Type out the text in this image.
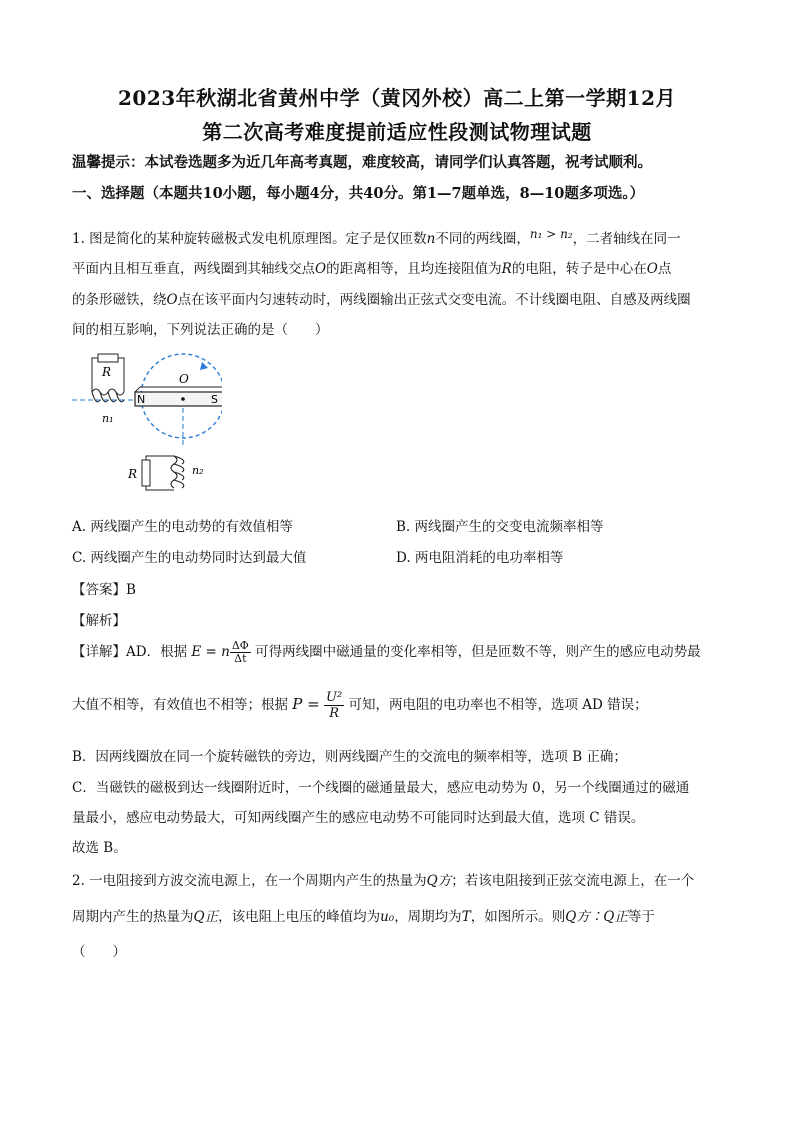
2023年秋湖北省黄州中学（黄冈外校）高二上第一学期12月
第二次高考难度提前适应性段测试物理试题
温馨提示：本试卷选题多为近几年高考真题，难度较高，请同学们认真答题，祝考试顺利。
一、选择题（本题共10小题，每小题4分，共40分。第1—7题单选，8—10题多项选。）
1. 图是简化的某种旋转磁极式发电机原理图。定子是仅匝数n不同的两线圈，n₁ > n₂，二者轴线在同一
平面内且相互垂直，两线圈到其轴线交点O的距离相等，且均连接阻值为R的电阻，转子是中心在O点
的条形磁铁，绕O点在该平面内匀速转动时，两线圈输出正弦式交变电流。不计线圈电阻、自感及两线圈
间的相互影响，下列说法正确的是（　　）
N	S
O
R
n₁
R	n₂
A. 两线圈产生的电动势的有效值相等	B. 两线圈产生的交变电流频率相等
C. 两线圈产生的电动势同时达到最大值	D. 两电阻消耗的电功率相等
【答案】B
【解析】
【详解】AD．根据 E = n $\frac{\Delta\Phi}{\Delta t}$ 可得两线圈中磁通量的变化率相等，但是匝数不等，则产生的感应电动势最
大值不相等，有效值也不相等；根据 $P = \frac{\text{U²}}{R}$ 可知，两电阻的电功率也不相等，选项 AD 错误；
B．因两线圈放在同一个旋转磁铁的旁边，则两线圈产生的交流电的频率相等，选项 B 正确；
C．当磁铁的磁极到达一线圈附近时，一个线圈的磁通量最大，感应电动势为 0，另一个线圈通过的磁通
量最小，感应电动势最大，可知两线圈产生的感应电动势不可能同时达到最大值，选项 C 错误。
故选 B。
2. 一电阻接到方波交流电源上，在一个周期内产生的热量为Q方；若该电阻接到正弦交流电源上，在一个
周期内产生的热量为Q正，该电阻上电压的峰值均为u₀，周期均为T，如图所示。则Q方∶Q正等于
（　　）
